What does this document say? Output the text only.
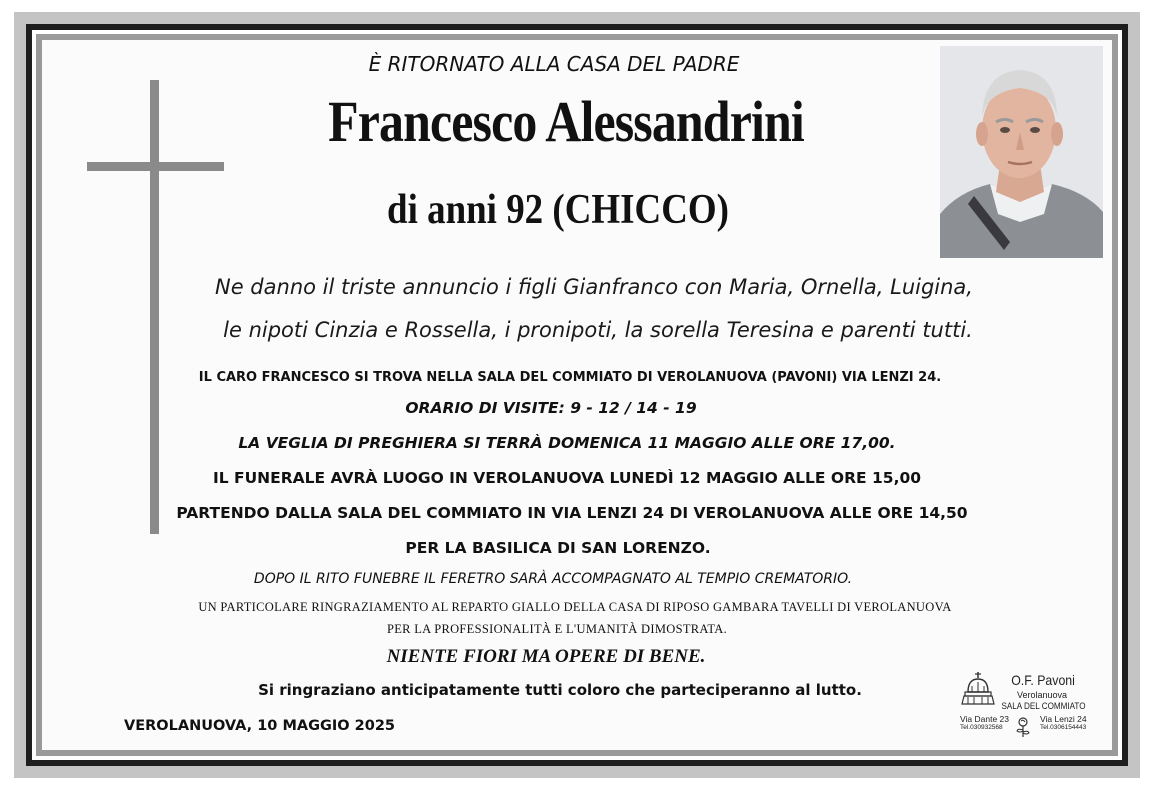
È RITORNATO ALLA CASA DEL PADRE
Francesco Alessandrini
di anni 92 (CHICCO)
Ne danno il triste annuncio i figli Gianfranco con Maria, Ornella, Luigina,
le nipoti Cinzia e Rossella, i pronipoti, la sorella Teresina e parenti tutti.
IL CARO FRANCESCO SI TROVA NELLA SALA DEL COMMIATO DI VEROLANUOVA (PAVONI) VIA LENZI 24.
ORARIO DI VISITE: 9 - 12 / 14 - 19
LA VEGLIA DI PREGHIERA SI TERRÀ DOMENICA 11 MAGGIO ALLE ORE 17,00.
IL FUNERALE AVRÀ LUOGO IN VEROLANUOVA LUNEDÌ 12 MAGGIO ALLE ORE 15,00
PARTENDO DALLA SALA DEL COMMIATO IN VIA LENZI 24 DI VEROLANUOVA ALLE ORE 14,50
PER LA BASILICA DI SAN LORENZO.
DOPO IL RITO FUNEBRE IL FERETRO SARÀ ACCOMPAGNATO AL TEMPIO CREMATORIO.
UN PARTICOLARE RINGRAZIAMENTO AL REPARTO GIALLO DELLA CASA DI RIPOSO GAMBARA TAVELLI DI VEROLANUOVA
PER LA PROFESSIONALITÀ E L'UMANITÀ DIMOSTRATA.
NIENTE FIORI MA OPERE DI BENE.
Si ringraziano anticipatamente tutti coloro che parteciperanno al lutto.
VEROLANUOVA, 10 MAGGIO 2025
O.F. Pavoni
Verolanuova
SALA DEL COMMIATO
Via Dante 23
Tel.030932568
Via Lenzi 24
Tel.0306154443
